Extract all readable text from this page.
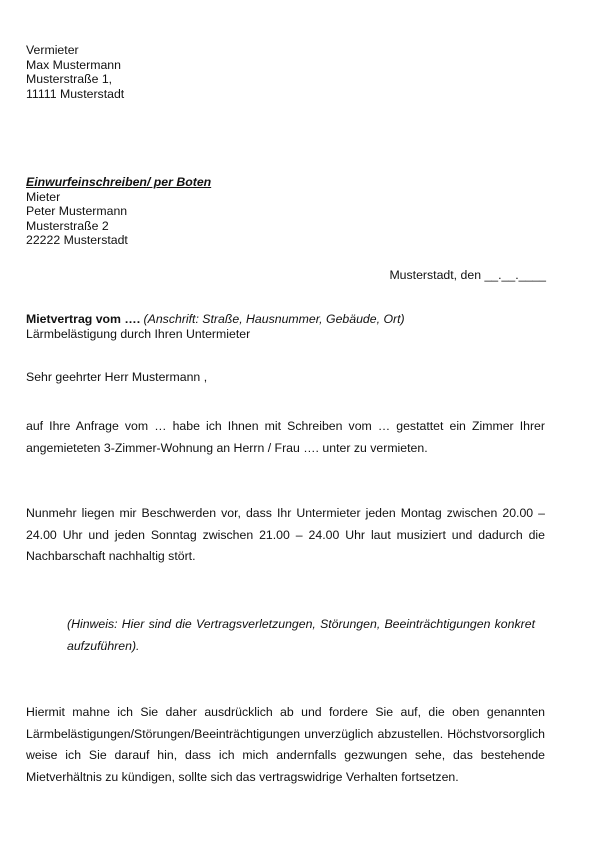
Vermieter
Max Mustermann
Musterstraße 1,
11111 Musterstadt
Einwurfeinschreiben/ per Boten
Mieter
Peter Mustermann
Musterstraße 2
22222 Musterstadt
Musterstadt, den __.__.____
Mietvertrag vom …. (Anschrift: Straße, Hausnummer, Gebäude, Ort)
Lärmbelästigung durch Ihren Untermieter
Sehr geehrter Herr Mustermann ,
auf Ihre Anfrage vom … habe ich Ihnen mit Schreiben vom … gestattet ein Zimmer Ihrer angemieteten 3-Zimmer-Wohnung an Herrn / Frau …. unter zu vermieten.
Nunmehr liegen mir Beschwerden vor, dass Ihr Untermieter jeden Montag zwischen 20.00 – 24.00 Uhr und jeden Sonntag zwischen 21.00 – 24.00 Uhr laut musiziert und dadurch die Nachbarschaft nachhaltig stört.
(Hinweis: Hier sind die Vertragsverletzungen, Störungen, Beeinträchtigungen konkret aufzuführen).
Hiermit mahne ich Sie daher ausdrücklich ab und fordere Sie auf, die oben genannten Lärmbelästigungen/Störungen/Beeinträchtigungen unverzüglich abzustellen. Höchstvorsorglich weise ich Sie darauf hin, dass ich mich andernfalls gezwungen sehe, das bestehende Mietverhältnis zu kündigen, sollte sich das vertragswidrige Verhalten fortsetzen.
